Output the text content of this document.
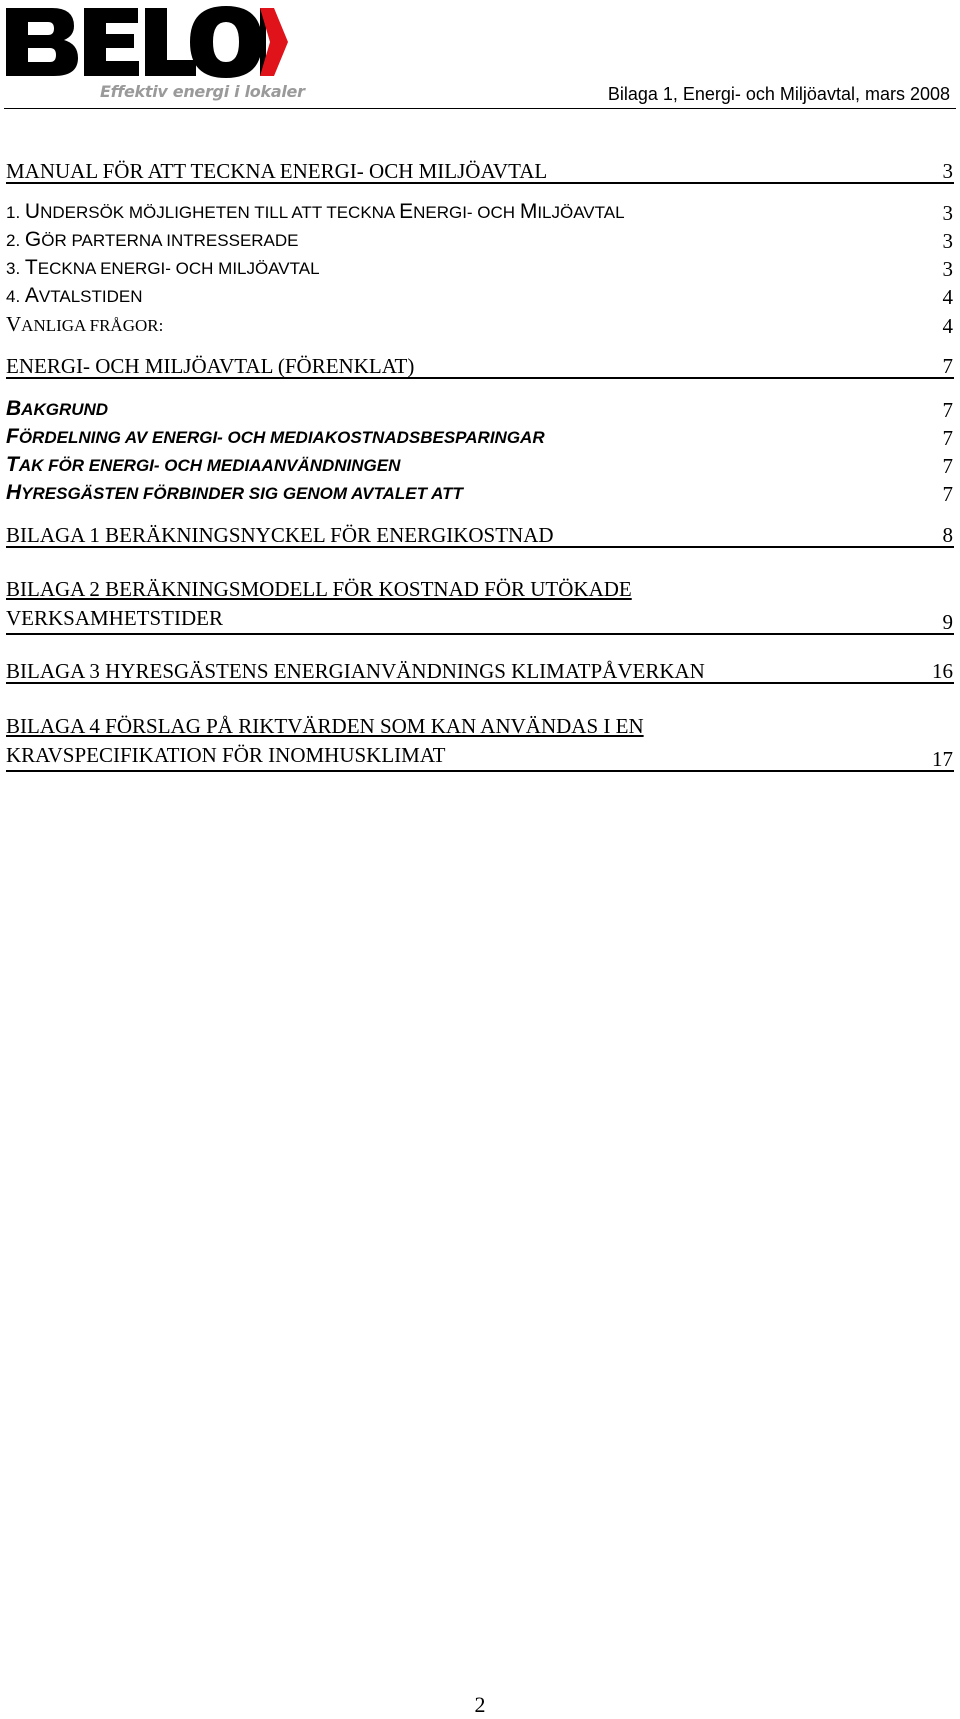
Effektiv energi i lokaler	Bilaga 1, Energi- och Miljöavtal, mars 2008
MANUAL FÖR ATT TECKNA ENERGI- OCH MILJÖAVTAL	3
1. UNDERSÖK MÖJLIGHETEN TILL ATT TECKNA ENERGI- OCH MILJÖAVTAL	3
2. GÖR PARTERNA INTRESSERADE	3
3. TECKNA ENERGI- OCH MILJÖAVTAL	3
4. AVTALSTIDEN	4
VANLIGA FRÅGOR:	4
ENERGI- OCH MILJÖAVTAL (FÖRENKLAT)	7
BAKGRUND	7
FÖRDELNING AV ENERGI- OCH MEDIAKOSTNADSBESPARINGAR	7
TAK FÖR ENERGI- OCH MEDIAANVÄNDNINGEN	7
HYRESGÄSTEN FÖRBINDER SIG GENOM AVTALET ATT	7
BILAGA 1 BERÄKNINGSNYCKEL FÖR ENERGIKOSTNAD	8
BILAGA 2 BERÄKNINGSMODELL FÖR KOSTNAD FÖR UTÖKADE
VERKSAMHETSTIDER	9
BILAGA 3 HYRESGÄSTENS ENERGIANVÄNDNINGS KLIMATPÅVERKAN	16
BILAGA 4 FÖRSLAG PÅ RIKTVÄRDEN SOM KAN ANVÄNDAS I EN
KRAVSPECIFIKATION FÖR INOMHUSKLIMAT	17
2
